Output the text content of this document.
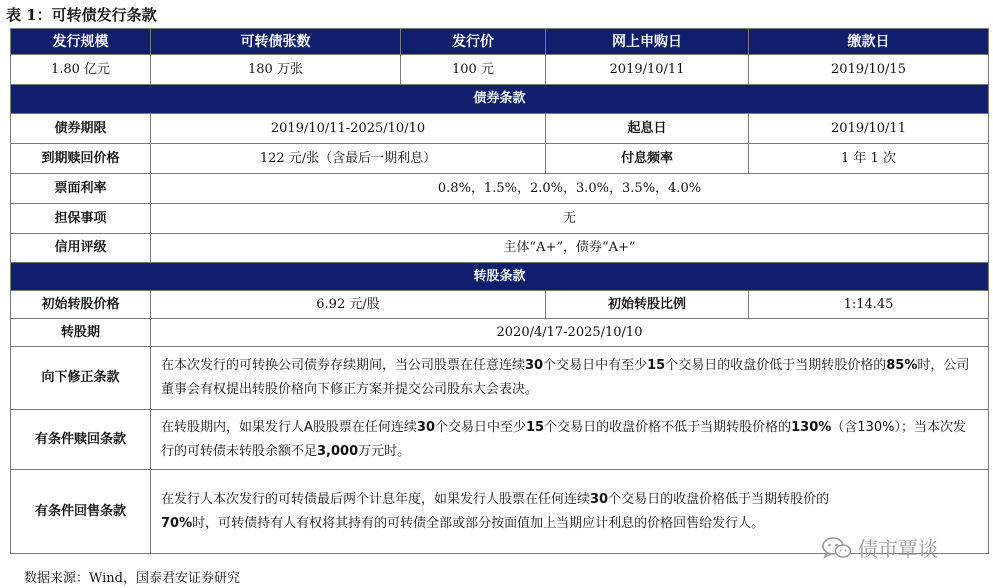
表 1：可转债发行条款
发行规模	可转债张数	发行价	网上申购日	缴款日
1.80 亿元	180 万张	100 元	2019/10/11	2019/10/15
债券条款				
债券期限	2019/10/11-2025/10/10		起息日	2019/10/11
到期赎回价格	122 元/张（含最后一期利息）		付息频率	1 年 1 次
票面利率	0.8%，1.5%，2.0%，3.0%，3.5%，4.0%			
担保事项	无			
信用评级	主体“A+”，债券“A+”			
转股条款				
初始转股价格	6.92 元/股		初始转股比例	1:14.45
转股期	2020/4/17-2025/10/10			
向下修正条款	在本次发行的可转换公司债券存续期间，当公司股票在任意连续30个交易日中有至少15个交易日的收盘价低于当期转股价格的85%时，公司董事会有权提出转股价格向下修正方案并提交公司股东大会表决。			
有条件赎回条款	在转股期内，如果发行人A股股票在任何连续30个交易日中至少15个交易日的收盘价格不低于当期转股价格的130%（含130%）；当本次发行的可转债未转股余额不足3,000万元时。			
有条件回售条款	在发行人本次发行的可转债最后两个计息年度，如果发行人股票在任何连续30个交易日的收盘价格低于当期转股价的70%时，可转债持有人有权将其持有的可转债全部或部分按面值加上当期应计利息的价格回售给发行人。			
数据来源：Wind，国泰君安证券研究
债市覃谈
